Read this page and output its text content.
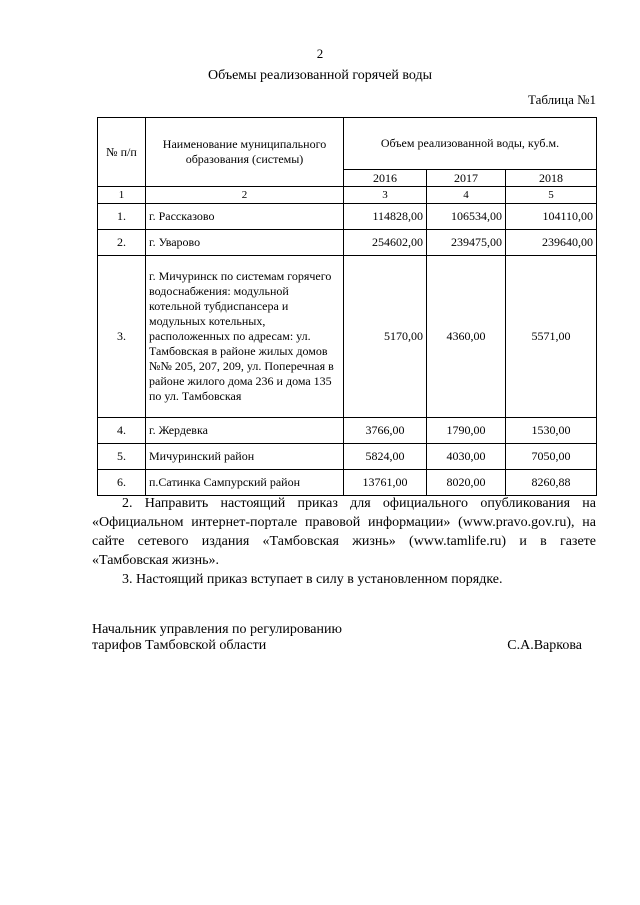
2
Объемы реализованной горячей воды
Таблица №1
№ п/п	Наименование муниципального образования (системы)	Объем реализованной воды, куб.м.		
		2016	2017	2018
1	2	3	4	5
1.	г. Рассказово	114828,00	106534,00	104110,00
2.	г. Уварово	254602,00	239475,00	239640,00
3.	г. Мичуринск по системам горячего водоснабжения: модульной котельной тубдиспансера и модульных котельных, расположенных по адресам: ул. Тамбовская в районе жилых домов №№ 205, 207, 209, ул. Поперечная в районе жилого дома 236 и дома 135 по ул. Тамбовская	5170,00	4360,00	5571,00
4.	г. Жердевка	3766,00	1790,00	1530,00
5.	Мичуринский район	5824,00	4030,00	7050,00
6.	п.Сатинка Сампурский район	13761,00	8020,00	8260,88

2. Направить настоящий приказ для официального опубликования на «Официальном интернет-портале правовой информации» (www.pravo.gov.ru), на сайте сетевого издания «Тамбовская жизнь» (www.tamlife.ru) и в газете «Тамбовская жизнь».

3. Настоящий приказ вступает в силу в установленном порядке.

Начальник управления по регулированию
тарифов Тамбовской области	С.А.Варкова
